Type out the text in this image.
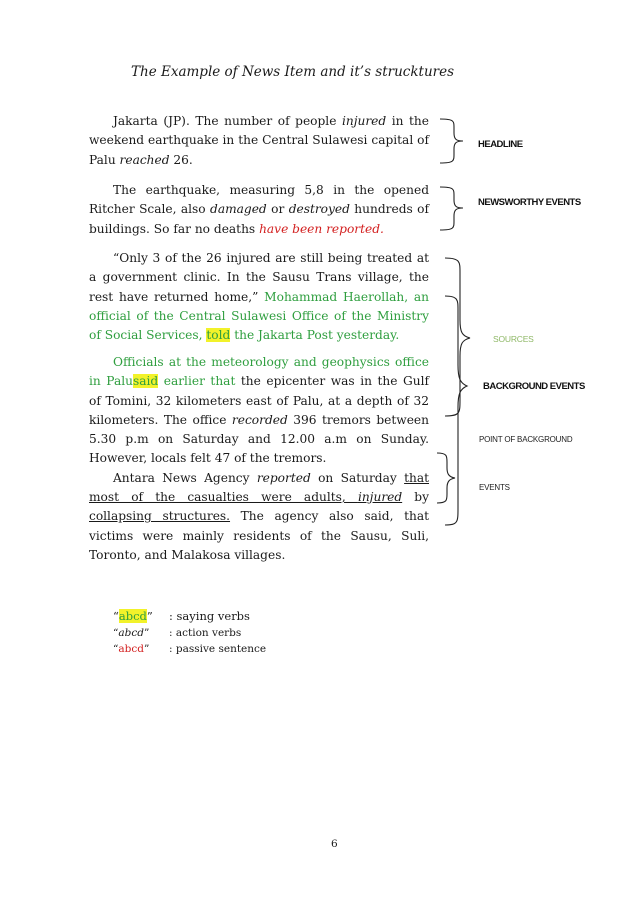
The Example of News Item and it’s strucktures

Jakarta (JP). The number of people injured in the weekend earthquake in the Central Sulawesi capital of Palu reached 26.

The earthquake, measuring 5,8 in the opened Ritcher Scale, also damaged or destroyed hundreds of buildings. So far no deaths have been reported.

“Only 3 of the 26 injured are still being treated at a government clinic. In the Sausu Trans village, the rest have returned home,” Mohammad Haerollah, an official of the Central Sulawesi Office of the Ministry of Social Services, told the Jakarta Post yesterday.

Officials at the meteorology and geophysics office in Palusaid earlier that the epicenter was in the Gulf of Tomini, 32 kilometers east of Palu, at a depth of 32 kilometers. The office recorded 396 tremors between 5.30 p.m on Saturday and 12.00 a.m on Sunday. However, locals felt 47 of the tremors.

Antara News Agency reported on Saturday that most of the casualties were adults, injured by collapsing structures. The agency also said, that victims were mainly residents of the Sausu, Suli, Toronto, and Malakosa villages.

HEADLINE
NEWSWORTHY EVENTS
SOURCES
BACKGROUND EVENTS
POINT OF BACKGROUND
EVENTS
“abcd” : saying verbs
“abcd” : action verbs
“abcd” : passive sentence
6
